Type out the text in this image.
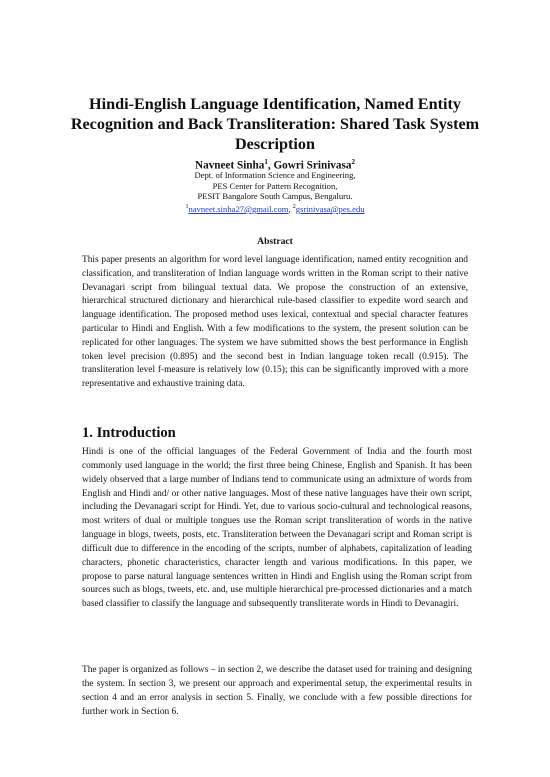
Hindi-English Language Identification, Named Entity Recognition and Back Transliteration: Shared Task System Description
Navneet Sinha$^1$, Gowri Srinivasa$^2$
Dept. of Information Science and Engineering,
PES Center for Pattern Recognition,
PESIT Bangalore South Campus, Bengaluru.
$^1$navneet.sinha27@gmail.com, $^2$gsrinivasa@pes.edu
Abstract

This paper presents an algorithm for word level language identification, named entity recognition and classification, and transliteration of Indian language words written in the Roman script to their native Devanagari script from bilingual textual data. We propose the construction of an extensive, hierarchical structured dictionary and hierarchical rule-based classifier to expedite word search and language identification. The proposed method uses lexical, contextual and special character features particular to Hindi and English. With a few modifications to the system, the present solution can be replicated for other languages. The system we have submitted shows the best performance in English token level precision (0.895) and the second best in Indian language token recall (0.915). The transliteration level f-measure is relatively low (0.15); this can be significantly improved with a more representative and exhaustive training data.

1. Introduction

Hindi is one of the official languages of the Federal Government of India and the fourth most commonly used language in the world; the first three being Chinese, English and Spanish. It has been widely observed that a large number of Indians tend to communicate using an admixture of words from English and Hindi and/ or other native languages. Most of these native languages have their own script, including the Devanagari script for Hindi. Yet, due to various socio-cultural and technological reasons, most writers of dual or multiple tongues use the Roman script transliteration of words in the native language in blogs, tweets, posts, etc. Transliteration between the Devanagari script and Roman script is difficult due to difference in the encoding of the scripts, number of alphabets, capitalization of leading characters, phonetic characteristics, character length and various modifications. In this paper, we propose to parse natural language sentences written in Hindi and English using the Roman script from sources such as blogs, tweets, etc. and, use multiple hierarchical pre-processed dictionaries and a match based classifier to classify the language and subsequently transliterate words in Hindi to Devanagiri.

The paper is organized as follows – in section 2, we describe the dataset used for training and designing the system. In section 3, we present our approach and experimental setup, the experimental results in section 4 and an error analysis in section 5. Finally, we conclude with a few possible directions for further work in Section 6.
